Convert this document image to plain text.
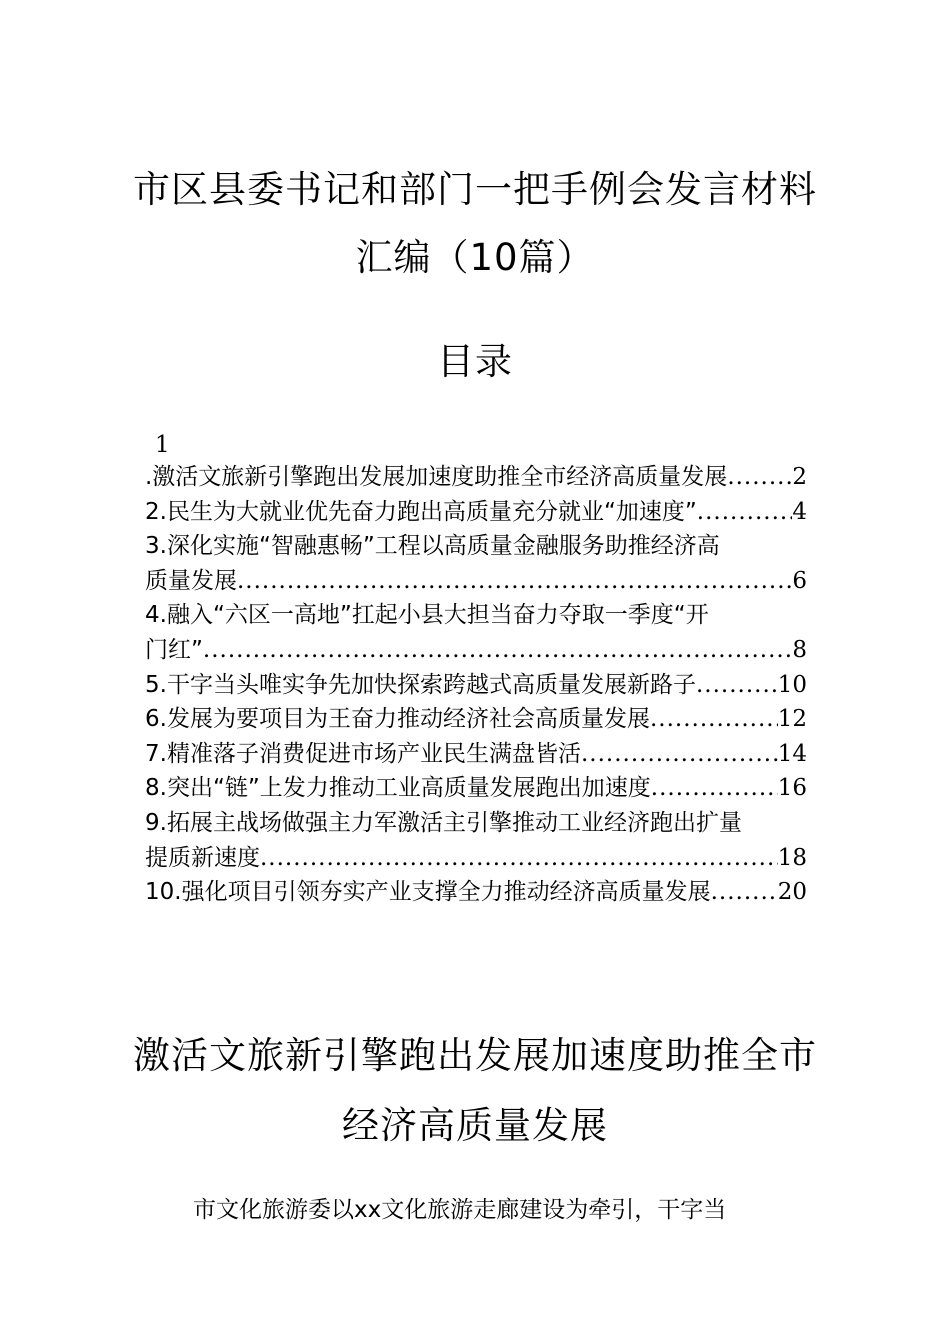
市区县委书记和部门一把手例会发言材料
汇编（10篇）
目录
1
.激活文旅新引擎跑出发展加速度助推全市经济高质量发展 .....	2
2.民生为大就业优先奋力跑出高质量充分就业“加速度” .....	4
3.深化实施“智融惠畅”工程以高质量金融服务助推经济高
质量发展 .....	6
4.融入“六区一高地”扛起小县大担当奋力夺取一季度“开
门红” .....	8
5.干字当头唯实争先加快探索跨越式高质量发展新路子 .....	10
6.发展为要项目为王奋力推动经济社会高质量发展 .....	12
7.精准落子消费促进市场产业民生满盘皆活 .....	14
8.突出“链”上发力推动工业高质量发展跑出加速度 .....	16
9.拓展主战场做强主力军激活主引擎推动工业经济跑出扩量
提质新速度 .....	18
10.强化项目引领夯实产业支撑全力推动经济高质量发展 .....	20
激活文旅新引擎跑出发展加速度助推全市
经济高质量发展
市文化旅游委以xx文化旅游走廊建设为牵引，干字当
